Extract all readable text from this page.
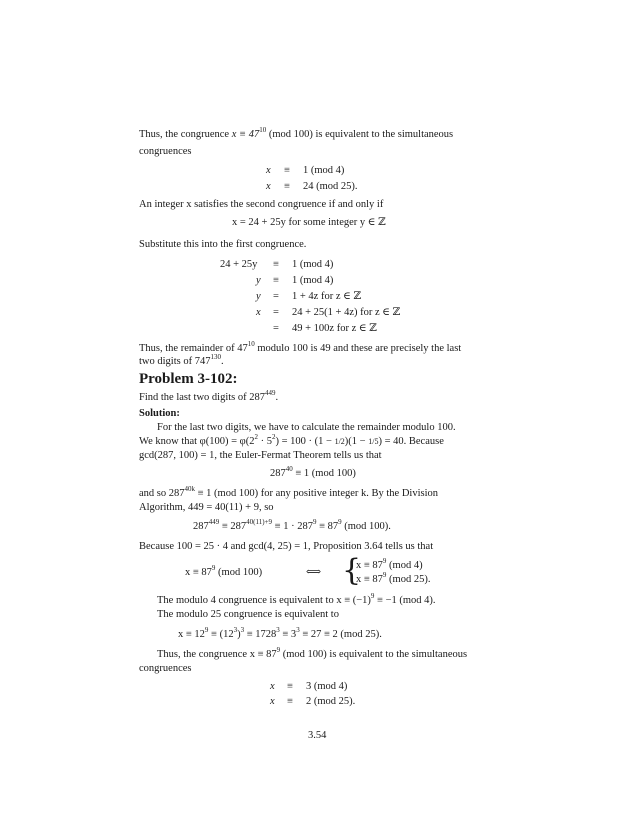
Thus, the congruence $x \equiv 47^{10}$ (mod 100) is equivalent to the simultaneous
congruences
x ≡ 1 (mod 4)
x ≡ 24 (mod 25).
An integer x satisfies the second congruence if and only if
x = 24 + 25y for some integer y ∈ ℤ
Substitute this into the first congruence.
24 + 25y ≡ 1 (mod 4)
y ≡ 1 (mod 4)
y = 1 + 4z for z ∈ ℤ
x = 24 + 25(1 + 4z) for z ∈ ℤ
= 49 + 100z for z ∈ ℤ
Thus, the remainder of $47^{10}$ modulo 100 is 49 and these are precisely the last
two digits of $747^{130}$.
Problem 3-102:
Find the last two digits of $287^{449}$.
Solution:
For the last two digits, we have to calculate the remainder modulo 100.
We know that $\varphi(100) = \varphi(2^2 \cdot 5^2) = 100 \cdot (1 - 1/2)(1 - 1/5) = 40$. Because
gcd(287, 100) = 1, the Euler-Fermat Theorem tells us that
$287^{40} \equiv 1$ (mod 100)
and so $287^{40k} \equiv 1$ (mod 100) for any positive integer k. By the Division
Algorithm, 449 = 40(11) + 9, so
$287^{449} \equiv 287^{40(11)+9} \equiv 1 \cdot 287^9 \equiv 87^9$ (mod 100).
Because 100 = 25 · 4 and gcd(4, 25) = 1, Proposition 3.64 tells us that
$x \equiv 87^9$ (mod 100)	⟺ {
$x \equiv 87^9$ (mod 4)
$x \equiv 87^9$ (mod 25).
The modulo 4 congruence is equivalent to $x \equiv (-1)^9 \equiv -1$ (mod 4).
The modulo 25 congruence is equivalent to
$x \equiv 12^9 \equiv (12^3)^3 \equiv 1728^3 \equiv 3^3 \equiv 27 \equiv 2$ (mod 25).
Thus, the congruence $x \equiv 87^9$ (mod 100) is equivalent to the simultaneous
congruences
x ≡ 3 (mod 4)
x ≡ 2 (mod 25).
3.54
